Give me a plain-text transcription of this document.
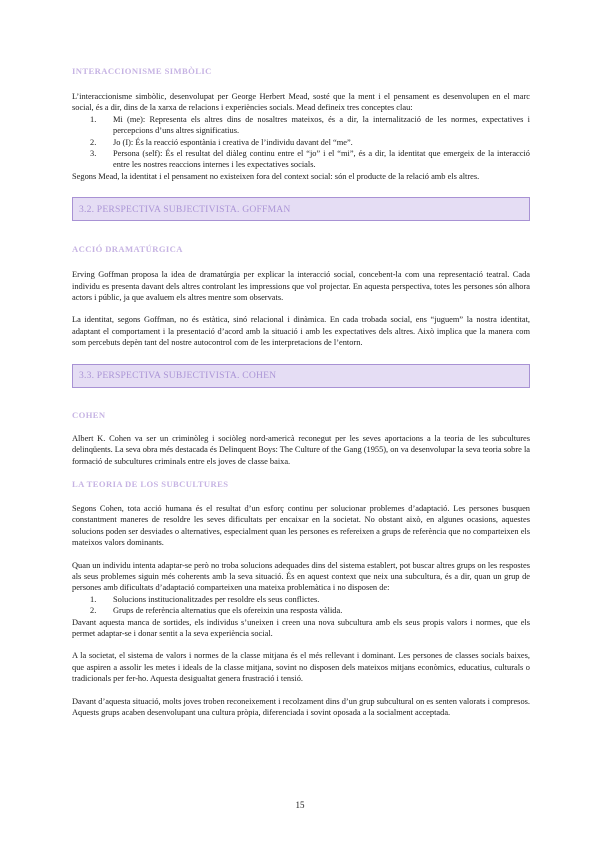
INTERACCIONISME SIMBÒLIC

L’interaccionisme simbòlic, desenvolupat per George Herbert Mead, sosté que la ment i el pensament es desenvolupen en el marc social, és a dir, dins de la xarxa de relacions i experiències socials. Mead defineix tres conceptes clau:

1. Mi (me): Representa els altres dins de nosaltres mateixos, és a dir, la internalització de les normes, expectatives i percepcions d’uns altres significatius.
2. Jo (I): És la reacció espontània i creativa de l’individu davant del “me”.
3. Persona (self): És el resultat del diàleg continu entre el “jo” i el “mi”, és a dir, la identitat que emergeix de la interacció entre les nostres reaccions internes i les expectatives socials.

Segons Mead, la identitat i el pensament no existeixen fora del context social: són el producte de la relació amb els altres.

3.2. PERSPECTIVA SUBJECTIVISTA. GOFFMAN
ACCIÓ DRAMATÚRGICA

Erving Goffman proposa la idea de dramatúrgia per explicar la interacció social, concebent-la com una representació teatral. Cada individu es presenta davant dels altres controlant les impressions que vol projectar. En aquesta perspectiva, totes les persones són alhora actors i públic, ja que avaluem els altres mentre som observats.

La identitat, segons Goffman, no és estàtica, sinó relacional i dinàmica. En cada trobada social, ens “juguem” la nostra identitat, adaptant el comportament i la presentació d’acord amb la situació i amb les expectatives dels altres. Això implica que la manera com som percebuts depèn tant del nostre autocontrol com de les interpretacions de l’entorn.

3.3. PERSPECTIVA SUBJECTIVISTA. COHEN
COHEN

Albert K. Cohen va ser un criminòleg i sociòleg nord-americà reconegut per les seves aportacions a la teoria de les subcultures delinqüents. La seva obra més destacada és Delinquent Boys: The Culture of the Gang (1955), on va desenvolupar la seva teoria sobre la formació de subcultures criminals entre els joves de classe baixa.

LA TEORIA DE LOS SUBCULTURES

Segons Cohen, tota acció humana és el resultat d’un esforç continu per solucionar problemes d’adaptació. Les persones busquen constantment maneres de resoldre les seves dificultats per encaixar en la societat. No obstant això, en algunes ocasions, aquestes solucions poden ser desviades o alternatives, especialment quan les persones es refereixen a grups de referència que no comparteixen els mateixos valors dominants.

Quan un individu intenta adaptar-se però no troba solucions adequades dins del sistema establert, pot buscar altres grups on les respostes als seus problemes siguin més coherents amb la seva situació. És en aquest context que neix una subcultura, és a dir, quan un grup de persones amb dificultats d’adaptació comparteixen una mateixa problemàtica i no disposen de:

1. Solucions institucionalitzades per resoldre els seus conflictes.
2. Grups de referència alternatius que els ofereixin una resposta vàlida.

Davant aquesta manca de sortides, els individus s’uneixen i creen una nova subcultura amb els seus propis valors i normes, que els permet adaptar-se i donar sentit a la seva experiència social.

A la societat, el sistema de valors i normes de la classe mitjana és el més rellevant i dominant. Les persones de classes socials baixes, que aspiren a assolir les metes i ideals de la classe mitjana, sovint no disposen dels mateixos mitjans econòmics, educatius, culturals o tradicionals per fer-ho. Aquesta desigualtat genera frustració i tensió.

Davant d’aquesta situació, molts joves troben reconeixement i recolzament dins d’un grup subcultural on es senten valorats i compresos. Aquests grups acaben desenvolupant una cultura pròpia, diferenciada i sovint oposada a la socialment acceptada.

15
